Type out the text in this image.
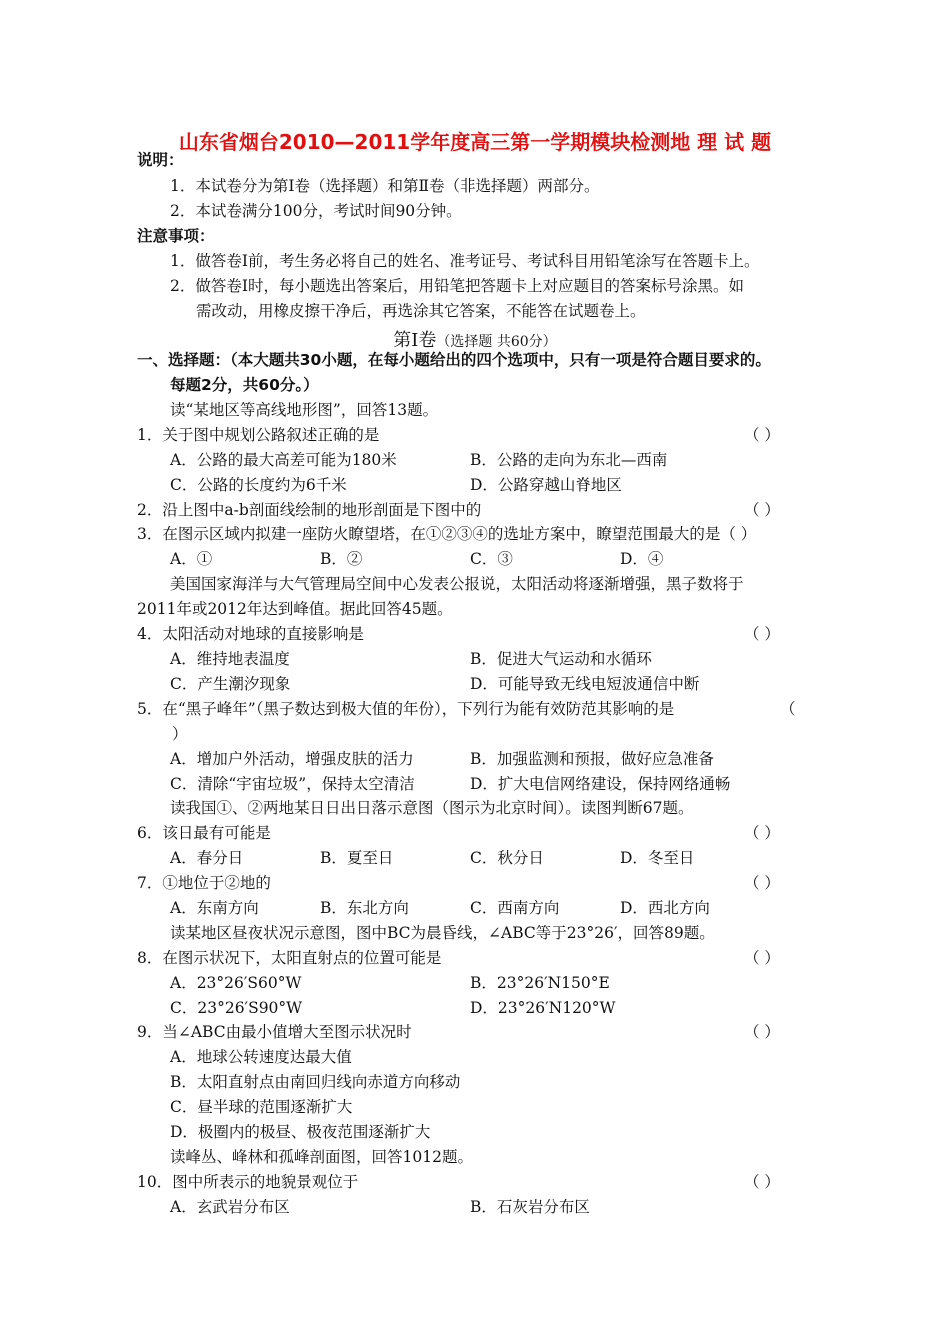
山东省烟台2010—2011学年度高三第一学期模块检测地 理 试 题
说明：
1．本试卷分为第Ⅰ卷（选择题）和第Ⅱ卷（非选择题）两部分。
2．本试卷满分100分，考试时间90分钟。
注意事项：
1．做答卷Ⅰ前，考生务必将自己的姓名、准考证号、考试科目用铅笔涂写在答题卡上。
2．做答卷Ⅰ时，每小题选出答案后，用铅笔把答题卡上对应题目的答案标号涂黑。如
需改动，用橡皮擦干净后，再选涂其它答案，不能答在试题卷上。
第Ⅰ卷（选择题 共60分）
一、选择题：（本大题共30小题，在每小题给出的四个选项中，只有一项是符合题目要求的。
每题2分，共60分。）
读“某地区等高线地形图”，回答13题。
1．关于图中规划公路叙述正确的是	（ ）
A．公路的最大高差可能为180米	B．公路的走向为东北—西南
C．公路的长度约为6千米	D．公路穿越山脊地区
2．沿上图中a-b剖面线绘制的地形剖面是下图中的	（ ）
3．在图示区域内拟建一座防火瞭望塔，在①②③④的选址方案中，瞭望范围最大的是（ ）
A．①	B．②	C．③	D．④
美国国家海洋与大气管理局空间中心发表公报说，太阳活动将逐渐增强，黑子数将于
2011年或2012年达到峰值。据此回答45题。
4．太阳活动对地球的直接影响是	（ ）
A．维持地表温度	B．促进大气运动和水循环
C．产生潮汐现象	D．可能导致无线电短波通信中断
5．在“黑子峰年”（黑子数达到极大值的年份），下列行为能有效防范其影响的是	（
）
A．增加户外活动，增强皮肤的活力	B．加强监测和预报，做好应急准备
C．清除“宇宙垃圾”，保持太空清洁	D．扩大电信网络建设，保持网络通畅
读我国①、②两地某日日出日落示意图（图示为北京时间）。读图判断67题。
6．该日最有可能是	（ ）
A．春分日	B．夏至日	C．秋分日	D．冬至日
7．①地位于②地的	（ ）
A．东南方向	B．东北方向	C．西南方向	D．西北方向
读某地区昼夜状况示意图，图中BC为晨昏线，∠ABC等于23°26′，回答89题。
8．在图示状况下，太阳直射点的位置可能是	（ ）
A．23°26′S60°W	B．23°26′N150°E
C．23°26′S90°W	D．23°26′N120°W
9．当∠ABC由最小值增大至图示状况时	（ ）
A．地球公转速度达最大值
B．太阳直射点由南回归线向赤道方向移动
C．昼半球的范围逐渐扩大
D．极圈内的极昼、极夜范围逐渐扩大
读峰丛、峰林和孤峰剖面图，回答1012题。
10．图中所表示的地貌景观位于	（ ）
A．玄武岩分布区	B．石灰岩分布区
